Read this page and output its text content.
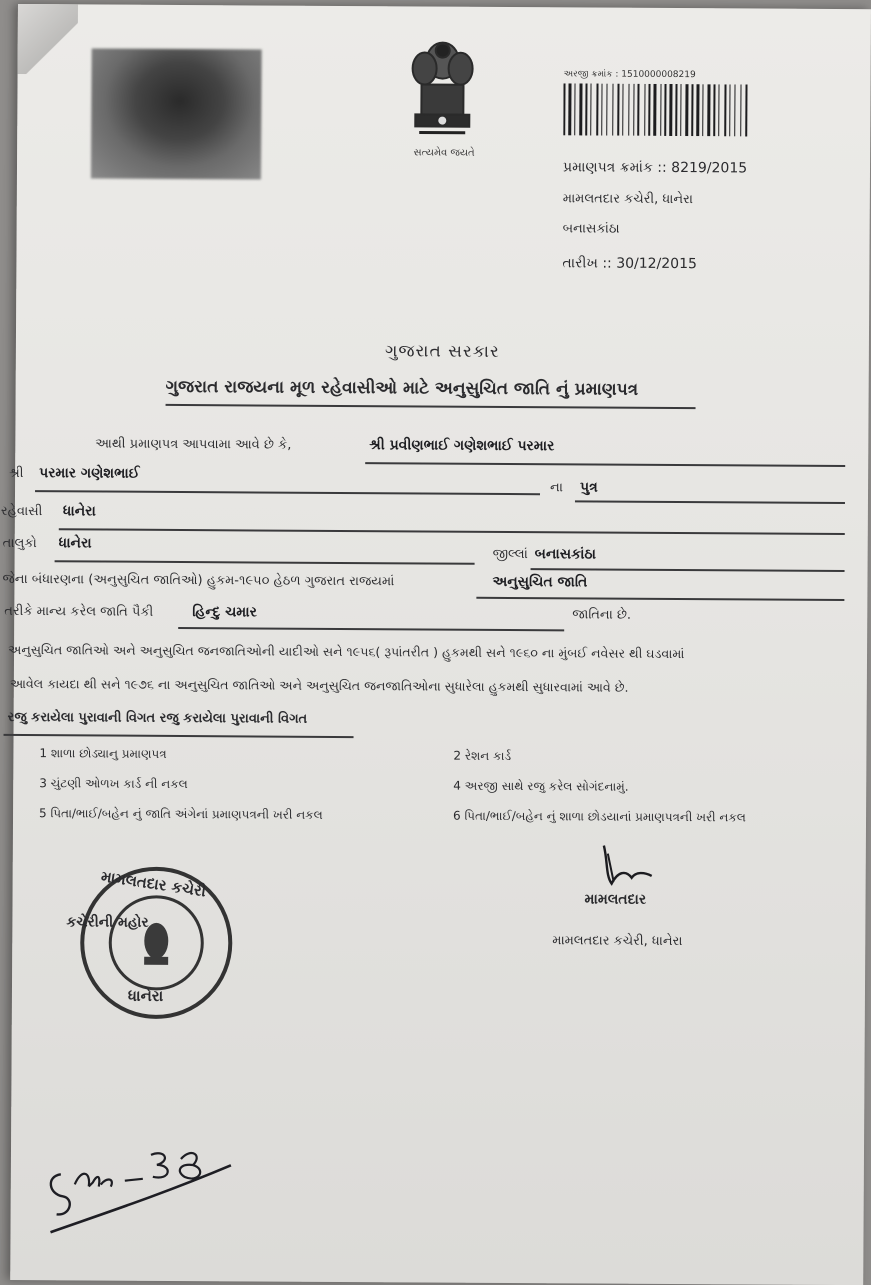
સત્યમેવ જયતે
અરજી ક્રમાંક : 1510000008219
પ્રમાણપત્ર ક્રમાંક :: 8219/2015
મામલતદાર કચેરી, ધાનેરા
બનાસકાંઠા
તારીખ :: 30/12/2015
ગુજરાત સરકાર
ગુજરાત રાજયના મૂળ રહેવાસીઓ માટે અનુસુચિત જાતિ નું પ્રમાણપત્ર
આથી પ્રમાણપત્ર આપવામા આવે છે કે,	શ્રી પ્રવીણભાઈ ગણેશભાઈ પરમાર
શ્રી પરમાર ગણેશભાઈ
ના પુત્ર
રહેવાસી ધાનેરા
તાલુકો ધાનેરા
જીલ્લાં બનાસકાંઠા
જેના બંધારણના (અનુસુચિત જાતિઓ) હુકમ-૧૯૫૦ હેઠળ ગુજરાત રાજયમાં	અનુસુચિત જાતિ
તરીકે માન્ય કરેલ જાતિ પૈકી	હિન્દુ ચમાર	જાતિના છે.
અનુસુચિત જાતિઓ અને અનુસુચિત જનજાતિઓની યાદીઓ સને ૧૯૫૬( રૂપાંતરીત ) હુકમથી સને ૧૯૬૦ ના મુંબઈ નવેસર થી ઘડવામાં
આવેલ કાયદા થી સને ૧૯૭૬ ના અનુસુચિત જાતિઓ અને અનુસુચિત જનજાતિઓના સુધારેલા હુકમથી સુધારવામાં આવે છે.
રજુ કરાયેલા પુરાવાની વિગત રજુ કરાયેલા પુરાવાની વિગત
1 શાળા છોડ્યાનુ પ્રમાણપત્ર	2 રેશન કાર્ડ
3 ચુંટણી ઓળખ કાર્ડ ની નકલ	4 અરજી સાથે રજુ કરેલ સોગંદનામું.
5 પિતા/ભાઈ/બહેન નું જાતિ અંગેનાં પ્રમાણપત્રની ખરી નકલ	6 પિતા/ભાઈ/બહેન નું શાળા છોડયાનાં પ્રમાણપત્રની ખરી નકલ
મામલતદાર
મામલતદાર કચેરી, ધાનેરા
મામલતદાર કચેરી
કચેરીની મહોર
ધાનેરા
